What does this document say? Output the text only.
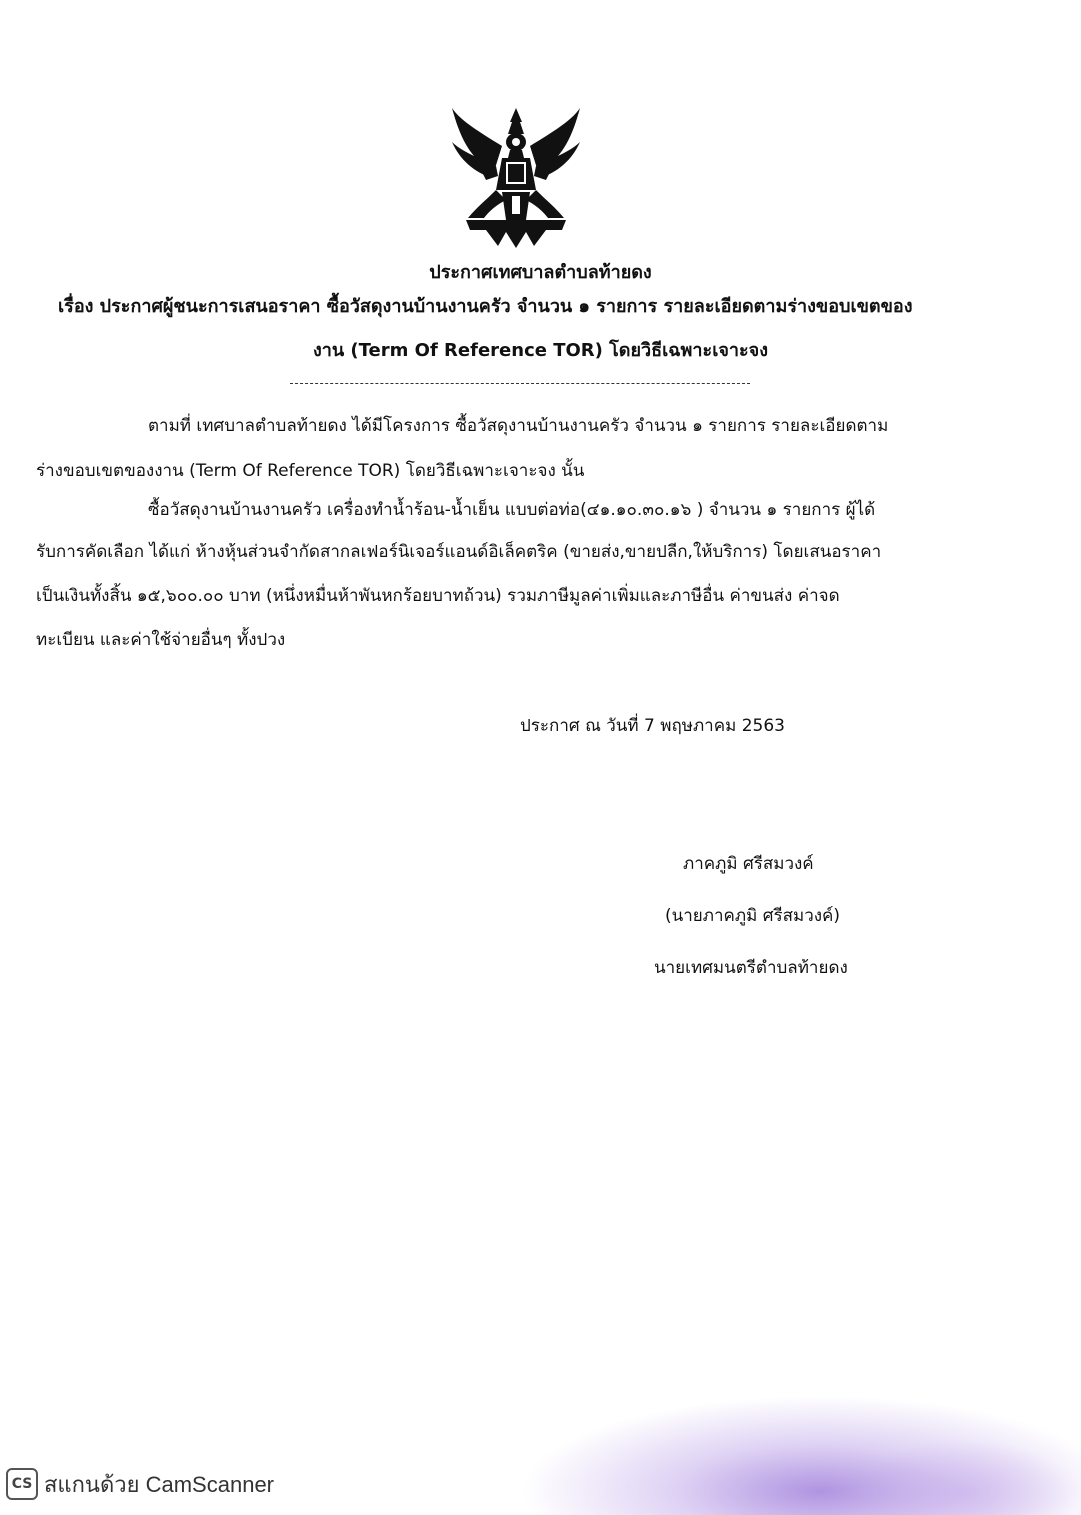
ประกาศเทศบาลตำบลท้ายดง
เรื่อง ประกาศผู้ชนะการเสนอราคา ซื้อวัสดุงานบ้านงานครัว จำนวน ๑ รายการ รายละเอียดตามร่างขอบเขตของ
งาน (Term Of Reference TOR) โดยวิธีเฉพาะเจาะจง
ตามที่ เทศบาลตำบลท้ายดง ได้มีโครงการ ซื้อวัสดุงานบ้านงานครัว จำนวน ๑ รายการ รายละเอียดตาม
ร่างขอบเขตของงาน (Term Of Reference TOR) โดยวิธีเฉพาะเจาะจง นั้น
ซื้อวัสดุงานบ้านงานครัว เครื่องทำน้ำร้อน-น้ำเย็น แบบต่อท่อ(๔๑.๑๐.๓๐.๑๖ ) จำนวน ๑ รายการ ผู้ได้
รับการคัดเลือก ได้แก่ ห้างหุ้นส่วนจำกัดสากลเฟอร์นิเจอร์แอนด์อิเล็คตริค (ขายส่ง,ขายปลีก,ให้บริการ) โดยเสนอราคา
เป็นเงินทั้งสิ้น ๑๕,๖๐๐.๐๐ บาท (หนึ่งหมื่นห้าพันหกร้อยบาทถ้วน) รวมภาษีมูลค่าเพิ่มและภาษีอื่น ค่าขนส่ง ค่าจด
ทะเบียน และค่าใช้จ่ายอื่นๆ ทั้งปวง
ประกาศ ณ วันที่ 7 พฤษภาคม 2563
ภาคภูมิ ศรีสมวงค์
(นายภาคภูมิ ศรีสมวงค์)
นายเทศมนตรีตำบลท้ายดง
CS สแกนด้วย CamScanner
